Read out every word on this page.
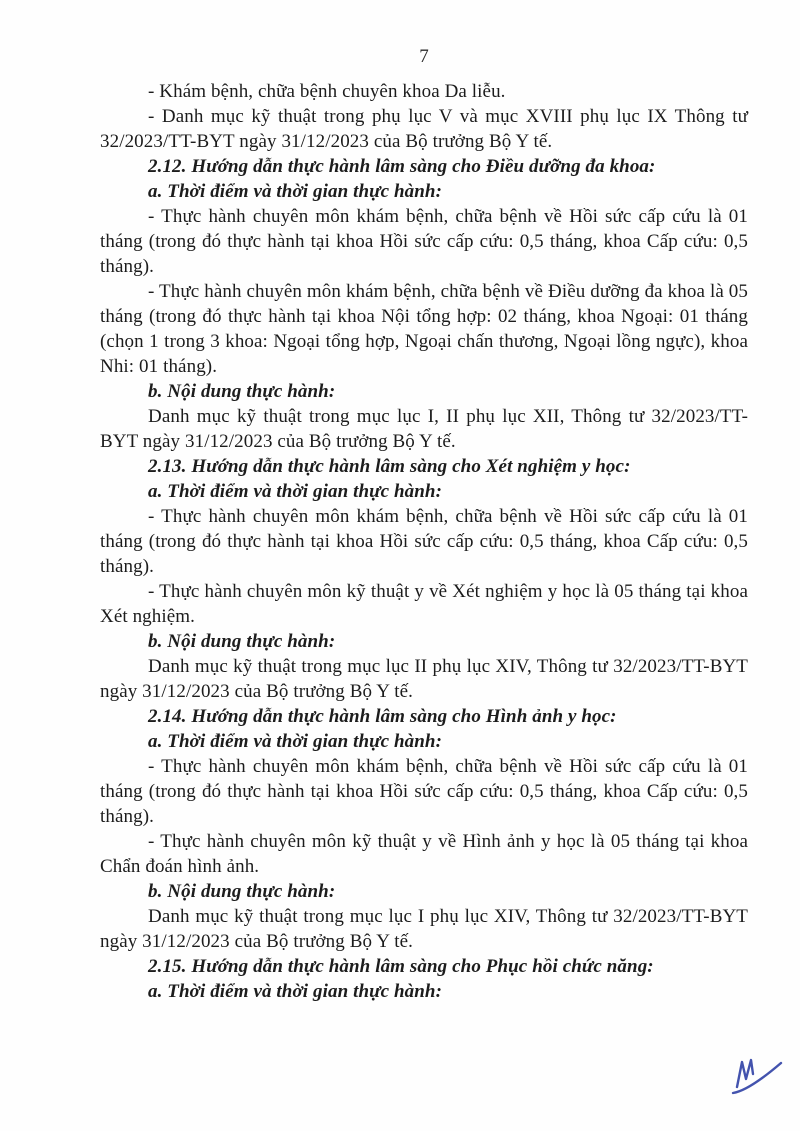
7

- Khám bệnh, chữa bệnh chuyên khoa Da liễu.

- Danh mục kỹ thuật trong phụ lục V và mục XVIII phụ lục IX Thông tư 32/2023/TT-BYT ngày 31/12/2023 của Bộ trưởng Bộ Y tế.

2.12. Hướng dẫn thực hành lâm sàng cho Điều dưỡng đa khoa:

a. Thời điểm và thời gian thực hành:

- Thực hành chuyên môn khám bệnh, chữa bệnh về Hồi sức cấp cứu là 01 tháng (trong đó thực hành tại khoa Hồi sức cấp cứu: 0,5 tháng, khoa Cấp cứu: 0,5 tháng).

- Thực hành chuyên môn khám bệnh, chữa bệnh về Điều dưỡng đa khoa là 05 tháng (trong đó thực hành tại khoa Nội tổng hợp: 02 tháng, khoa Ngoại: 01 tháng (chọn 1 trong 3 khoa: Ngoại tổng hợp, Ngoại chấn thương, Ngoại lồng ngực), khoa Nhi: 01 tháng).

b. Nội dung thực hành:

Danh mục kỹ thuật trong mục lục I, II phụ lục XII, Thông tư 32/2023/TT-BYT ngày 31/12/2023 của Bộ trưởng Bộ Y tế.

2.13. Hướng dẫn thực hành lâm sàng cho Xét nghiệm y học:

a. Thời điểm và thời gian thực hành:

- Thực hành chuyên môn khám bệnh, chữa bệnh về Hồi sức cấp cứu là 01 tháng (trong đó thực hành tại khoa Hồi sức cấp cứu: 0,5 tháng, khoa Cấp cứu: 0,5 tháng).

- Thực hành chuyên môn kỹ thuật y về Xét nghiệm y học là 05 tháng tại khoa Xét nghiệm.

b. Nội dung thực hành:

Danh mục kỹ thuật trong mục lục II phụ lục XIV, Thông tư 32/2023/TT-BYT ngày 31/12/2023 của Bộ trưởng Bộ Y tế.

2.14. Hướng dẫn thực hành lâm sàng cho Hình ảnh y học:

a. Thời điểm và thời gian thực hành:

- Thực hành chuyên môn khám bệnh, chữa bệnh về Hồi sức cấp cứu là 01 tháng (trong đó thực hành tại khoa Hồi sức cấp cứu: 0,5 tháng, khoa Cấp cứu: 0,5 tháng).

- Thực hành chuyên môn kỹ thuật y về Hình ảnh y học là 05 tháng tại khoa Chẩn đoán hình ảnh.

b. Nội dung thực hành:

Danh mục kỹ thuật trong mục lục I phụ lục XIV, Thông tư 32/2023/TT-BYT ngày 31/12/2023 của Bộ trưởng Bộ Y tế.

2.15. Hướng dẫn thực hành lâm sàng cho Phục hồi chức năng:

a. Thời điểm và thời gian thực hành:
